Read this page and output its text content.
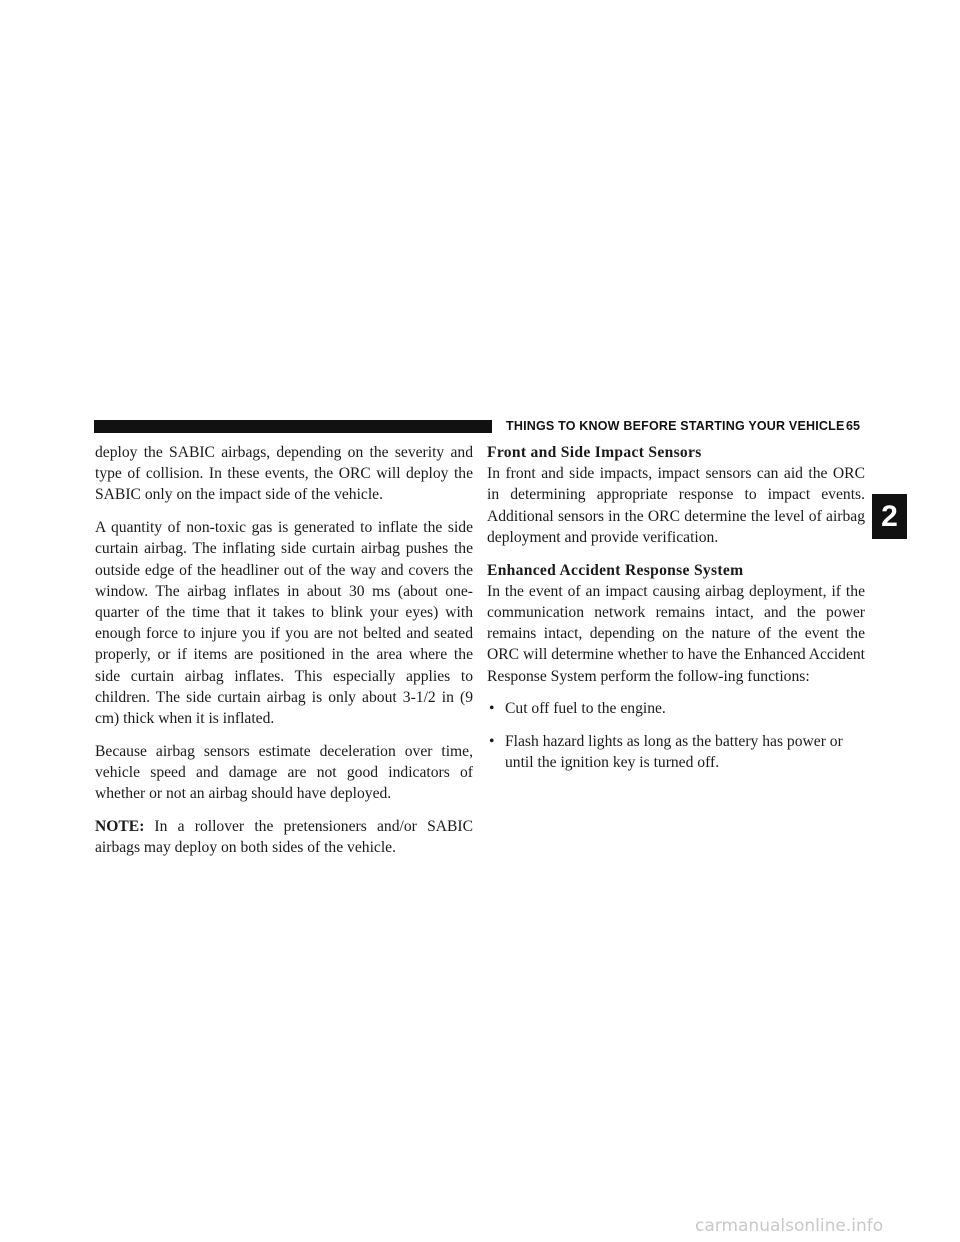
THINGS TO KNOW BEFORE STARTING YOUR VEHICLE 65
2

deploy the SABIC airbags, depending on the severity and type of collision. In these events, the ORC will deploy the SABIC only on the impact side of the vehicle.

A quantity of non-toxic gas is generated to inflate the side curtain airbag. The inflating side curtain airbag pushes the outside edge of the headliner out of the way and covers the window. The airbag inflates in about 30 ms (about one-quarter of the time that it takes to blink your eyes) with enough force to injure you if you are not belted and seated properly, or if items are positioned in the area where the side curtain airbag inflates. This especially applies to children. The side curtain airbag is only about 3-1/2 in (9 cm) thick when it is inflated.

Because airbag sensors estimate deceleration over time, vehicle speed and damage are not good indicators of whether or not an airbag should have deployed.

NOTE: In a rollover the pretensioners and/or SABIC airbags may deploy on both sides of the vehicle.

Front and Side Impact Sensors

In front and side impacts, impact sensors can aid the ORC in determining appropriate response to impact events. Additional sensors in the ORC determine the level of airbag deployment and provide verification.

Enhanced Accident Response System

In the event of an impact causing airbag deployment, if the communication network remains intact, and the power remains intact, depending on the nature of the event the ORC will determine whether to have the Enhanced Accident Response System perform the follow-ing functions:

• Cut off fuel to the engine.
• Flash hazard lights as long as the battery has power or until the ignition key is turned off.
carmanualsonline.info
